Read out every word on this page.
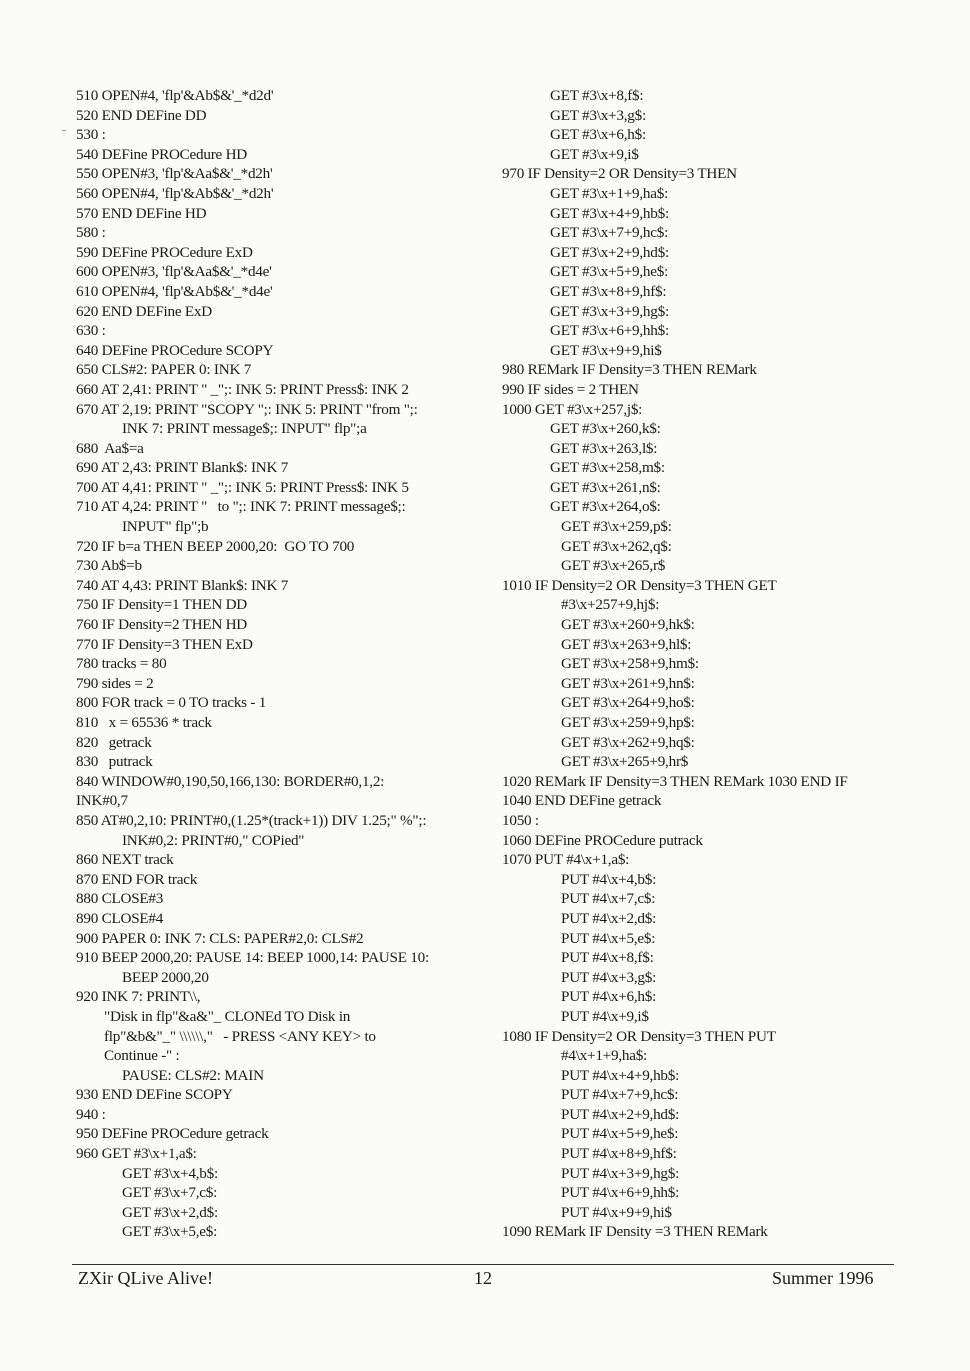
510 OPEN#4, 'flp'&Ab$&'_*d2d'
520 END DEFine DD
530 :
540 DEFine PROCedure HD
550 OPEN#3, 'flp'&Aa$&'_*d2h'
560 OPEN#4, 'flp'&Ab$&'_*d2h'
570 END DEFine HD
580 :
590 DEFine PROCedure ExD
600 OPEN#3, 'flp'&Aa$&'_*d4e'
610 OPEN#4, 'flp'&Ab$&'_*d4e'
620 END DEFine ExD
630 :
640 DEFine PROCedure SCOPY
650 CLS#2: PAPER 0: INK 7
660 AT 2,41: PRINT " _";: INK 5: PRINT Press$: INK 2
670 AT 2,19: PRINT "SCOPY ";: INK 5: PRINT "from ";:
INK 7: PRINT message$;: INPUT" flp";a
680  Aa$=a
690 AT 2,43: PRINT Blank$: INK 7
700 AT 4,41: PRINT " _";: INK 5: PRINT Press$: INK 5
710 AT 4,24: PRINT "   to ";: INK 7: PRINT message$;:
INPUT" flp";b
720 IF b=a THEN BEEP 2000,20:  GO TO 700
730 Ab$=b
740 AT 4,43: PRINT Blank$: INK 7
750 IF Density=1 THEN DD
760 IF Density=2 THEN HD
770 IF Density=3 THEN ExD
780 tracks = 80
790 sides = 2
800 FOR track = 0 TO tracks - 1
810   x = 65536 * track
820   getrack
830   putrack
840 WINDOW#0,190,50,166,130: BORDER#0,1,2:
INK#0,7
850 AT#0,2,10: PRINT#0,(1.25*(track+1)) DIV 1.25;" %";:
INK#0,2: PRINT#0," COPied"
860 NEXT track
870 END FOR track
880 CLOSE#3
890 CLOSE#4
900 PAPER 0: INK 7: CLS: PAPER#2,0: CLS#2
910 BEEP 2000,20: PAUSE 14: BEEP 1000,14: PAUSE 10:
BEEP 2000,20
920 INK 7: PRINT\\,
"Disk in flp"&a&"_ CLONEd TO Disk in
flp"&b&"_" \\\\\\,"   - PRESS <ANY KEY> to
Continue -" :
PAUSE: CLS#2: MAIN
930 END DEFine SCOPY
940 :
950 DEFine PROCedure getrack
960 GET #3\x+1,a$:
GET #3\x+4,b$:
GET #3\x+7,c$:
GET #3\x+2,d$:
GET #3\x+5,e$:
GET #3\x+8,f$:
GET #3\x+3,g$:
GET #3\x+6,h$:
GET #3\x+9,i$
970 IF Density=2 OR Density=3 THEN
GET #3\x+1+9,ha$:
GET #3\x+4+9,hb$:
GET #3\x+7+9,hc$:
GET #3\x+2+9,hd$:
GET #3\x+5+9,he$:
GET #3\x+8+9,hf$:
GET #3\x+3+9,hg$:
GET #3\x+6+9,hh$:
GET #3\x+9+9,hi$
980 REMark IF Density=3 THEN REMark
990 IF sides = 2 THEN
1000 GET #3\x+257,j$:
GET #3\x+260,k$:
GET #3\x+263,l$:
GET #3\x+258,m$:
GET #3\x+261,n$:
GET #3\x+264,o$:
GET #3\x+259,p$:
GET #3\x+262,q$:
GET #3\x+265,r$
1010 IF Density=2 OR Density=3 THEN GET
#3\x+257+9,hj$:
GET #3\x+260+9,hk$:
GET #3\x+263+9,hl$:
GET #3\x+258+9,hm$:
GET #3\x+261+9,hn$:
GET #3\x+264+9,ho$:
GET #3\x+259+9,hp$:
GET #3\x+262+9,hq$:
GET #3\x+265+9,hr$
1020 REMark IF Density=3 THEN REMark 1030 END IF
1040 END DEFine getrack
1050 :
1060 DEFine PROCedure putrack
1070 PUT #4\x+1,a$:
PUT #4\x+4,b$:
PUT #4\x+7,c$:
PUT #4\x+2,d$:
PUT #4\x+5,e$:
PUT #4\x+8,f$:
PUT #4\x+3,g$:
PUT #4\x+6,h$:
PUT #4\x+9,i$
1080 IF Density=2 OR Density=3 THEN PUT
#4\x+1+9,ha$:
PUT #4\x+4+9,hb$:
PUT #4\x+7+9,hc$:
PUT #4\x+2+9,hd$:
PUT #4\x+5+9,he$:
PUT #4\x+8+9,hf$:
PUT #4\x+3+9,hg$:
PUT #4\x+6+9,hh$:
PUT #4\x+9+9,hi$
1090 REMark IF Density =3 THEN REMark
ZXir QLive Alive!	12	Summer 1996
